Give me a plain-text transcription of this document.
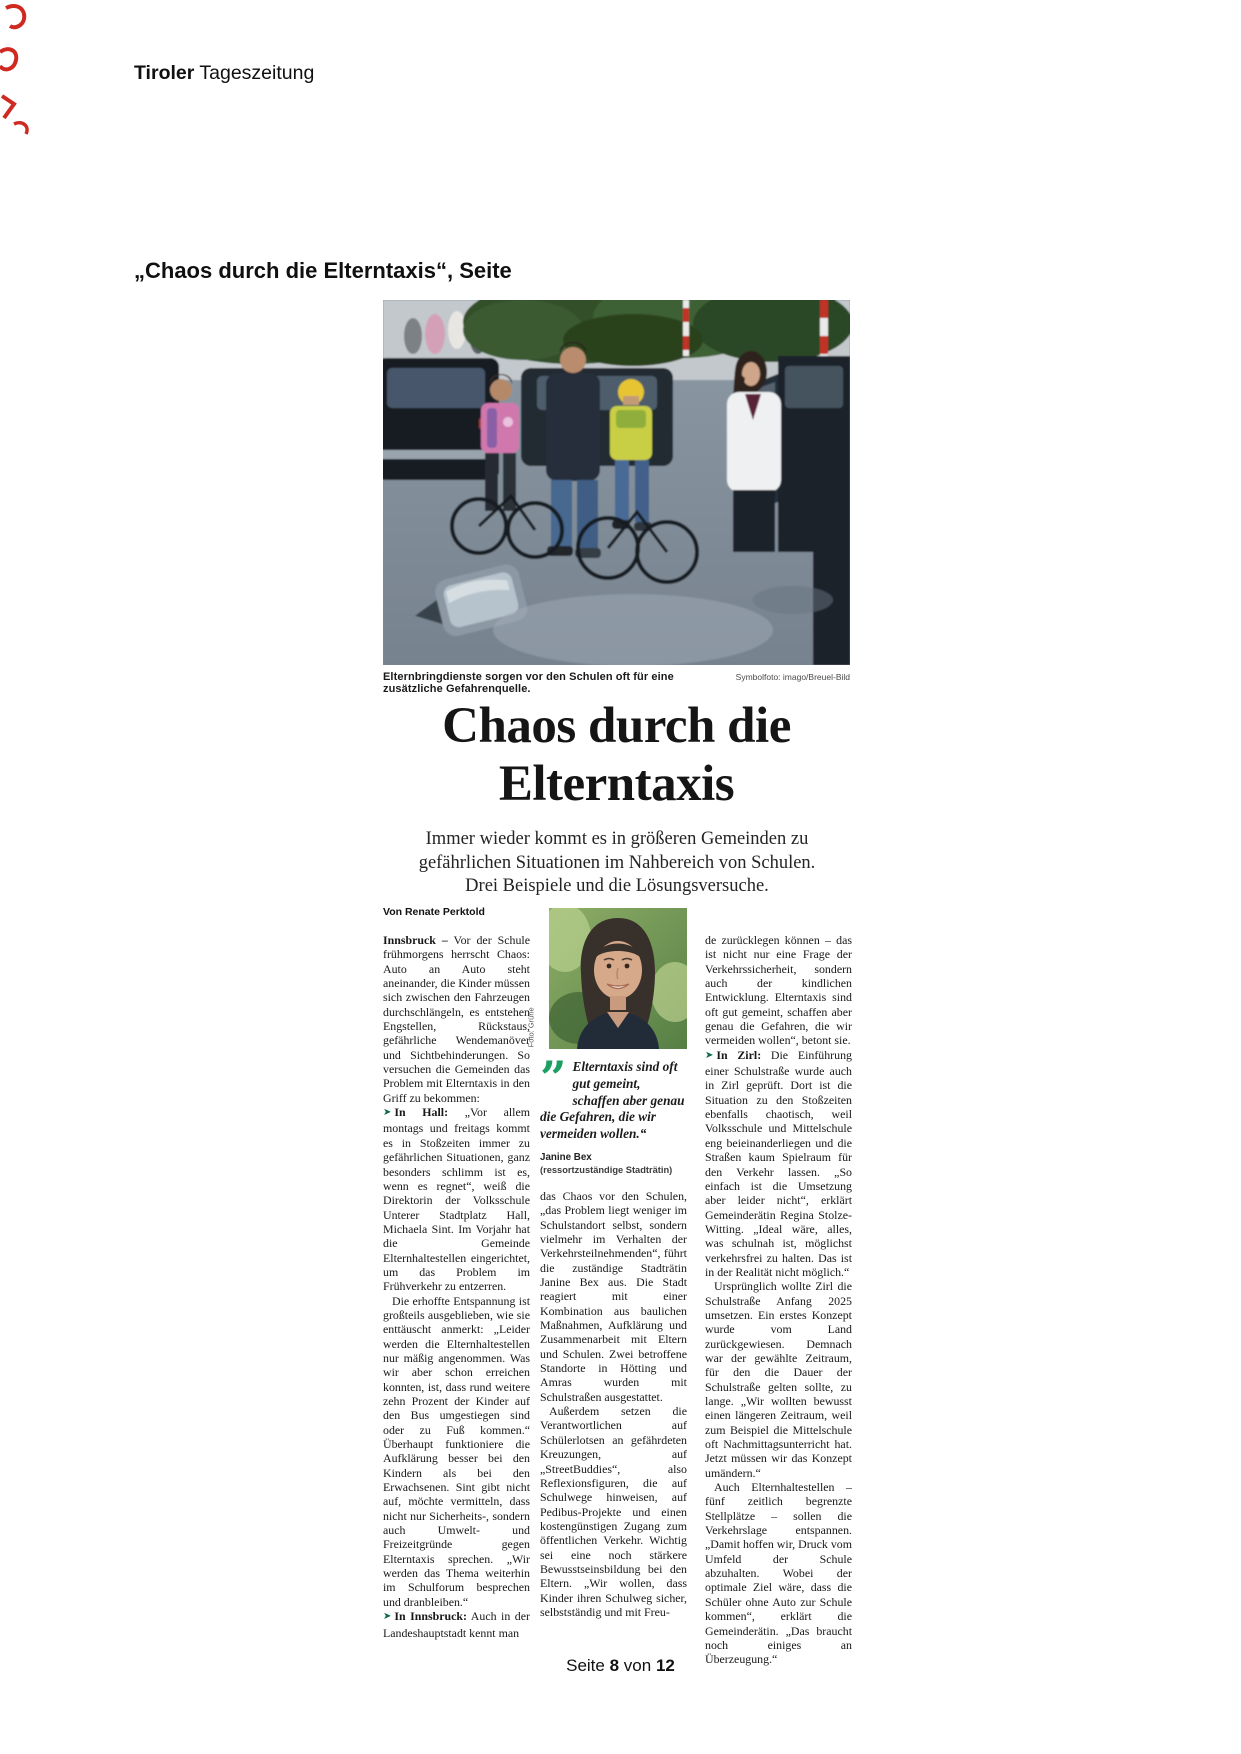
Tiroler Tageszeitung
„Chaos durch die Elterntaxis“, Seite
Elternbringdienste sorgen vor den Schulen oft für eine zusätzliche Gefahrenquelle.
Symbolfoto: imago/Breuel-Bild
Chaos durch die
Elterntaxis
Immer wieder kommt es in größeren Gemeinden zu gefährlichen Situationen im Nahbereich von Schulen. Drei Beispiele und die Lösungsversuche.
Von Renate Perktold

Innsbruck – Vor der Schule frühmorgens herrscht Chaos: Auto an Auto steht aneinander, die Kinder müssen sich zwischen den Fahrzeugen durchschlängeln, es entstehen Engstellen, Rückstaus, gefährliche Wendemanöver und Sichtbehinderungen. So versuchen die Gemeinden das Problem mit Elterntaxis in den Griff zu bekommen:

➤ In Hall: „Vor allem montags und freitags kommt es in Stoßzeiten immer zu gefährlichen Situationen, ganz besonders schlimm ist es, wenn es regnet“, weiß die Direktorin der Volksschule Unterer Stadtplatz Hall, Michaela Sint. Im Vorjahr hat die Gemeinde Elternhaltestellen eingerichtet, um das Problem im Frühverkehr zu entzerren.

Die erhoffte Entspannung ist großteils ausgeblieben, wie sie enttäuscht anmerkt: „Leider werden die Elternhaltestellen nur mäßig angenommen. Was wir aber schon erreichen konnten, ist, dass rund weitere zehn Prozent der Kinder auf den Bus umgestiegen sind oder zu Fuß kommen.“ Überhaupt funktioniere die Aufklärung besser bei den Kindern als bei den Erwachsenen. Sint gibt nicht auf, möchte vermitteln, dass nicht nur Sicherheits-, sondern auch Umwelt- und Freizeitgründe gegen Elterntaxis sprechen. „Wir werden das Thema weiterhin im Schulforum besprechen und dranbleiben.“

➤ In Innsbruck: Auch in der Landeshauptstadt kennt man

Foto: Grüne
” Elterntaxis sind oft gut gemeint, schaffen aber genau die Gefahren, die wir vermeiden wollen.“
Janine Bex
(ressortzuständige Stadträtin)

das Chaos vor den Schulen, „das Problem liegt weniger im Schulstandort selbst, sondern vielmehr im Verhalten der Verkehrsteilnehmenden“, führt die zuständige Stadträtin Janine Bex aus. Die Stadt reagiert mit einer Kombination aus baulichen Maßnahmen, Aufklärung und Zusammenarbeit mit Eltern und Schulen. Zwei betroffene Standorte in Hötting und Amras wurden mit Schulstraßen ausgestattet.

Außerdem setzen die Verantwortlichen auf Schülerlotsen an gefährdeten Kreuzungen, auf „StreetBuddies“, also Reflexionsfiguren, die auf Schulwege hinweisen, auf Pedibus-Projekte und einen kostengünstigen Zugang zum öffentlichen Verkehr. Wichtig sei eine noch stärkere Bewusstseinsbildung bei den Eltern. „Wir wollen, dass Kinder ihren Schulweg sicher, selbstständig und mit Freu-

de zurücklegen können – das ist nicht nur eine Frage der Verkehrssicherheit, sondern auch der kindlichen Entwicklung. Elterntaxis sind oft gut gemeint, schaffen aber genau die Gefahren, die wir vermeiden wollen“, betont sie.

➤ In Zirl: Die Einführung einer Schulstraße wurde auch in Zirl geprüft. Dort ist die Situation zu den Stoßzeiten ebenfalls chaotisch, weil Volksschule und Mittelschule eng beieinanderliegen und die Straßen kaum Spielraum für den Verkehr lassen. „So einfach ist die Umsetzung aber leider nicht“, erklärt Gemeinderätin Regina Stolze-Witting. „Ideal wäre, alles, was schulnah ist, möglichst verkehrsfrei zu halten. Das ist in der Realität nicht möglich.“

Ursprünglich wollte Zirl die Schulstraße Anfang 2025 umsetzen. Ein erstes Konzept wurde vom Land zurückgewiesen. Demnach war der gewählte Zeitraum, für den die Dauer der Schulstraße gelten sollte, zu lange. „Wir wollten bewusst einen längeren Zeitraum, weil zum Beispiel die Mittelschule oft Nachmittagsunterricht hat. Jetzt müssen wir das Konzept umändern.“

Auch Elternhaltestellen – fünf zeitlich begrenzte Stellplätze – sollen die Verkehrslage entspannen. „Damit hoffen wir, Druck vom Umfeld der Schule abzuhalten. Wobei der optimale Ziel wäre, dass die Schüler ohne Auto zur Schule kommen“, erklärt die Gemeinderätin. „Das braucht noch einiges an Überzeugung.“

Seite 8 von 12
